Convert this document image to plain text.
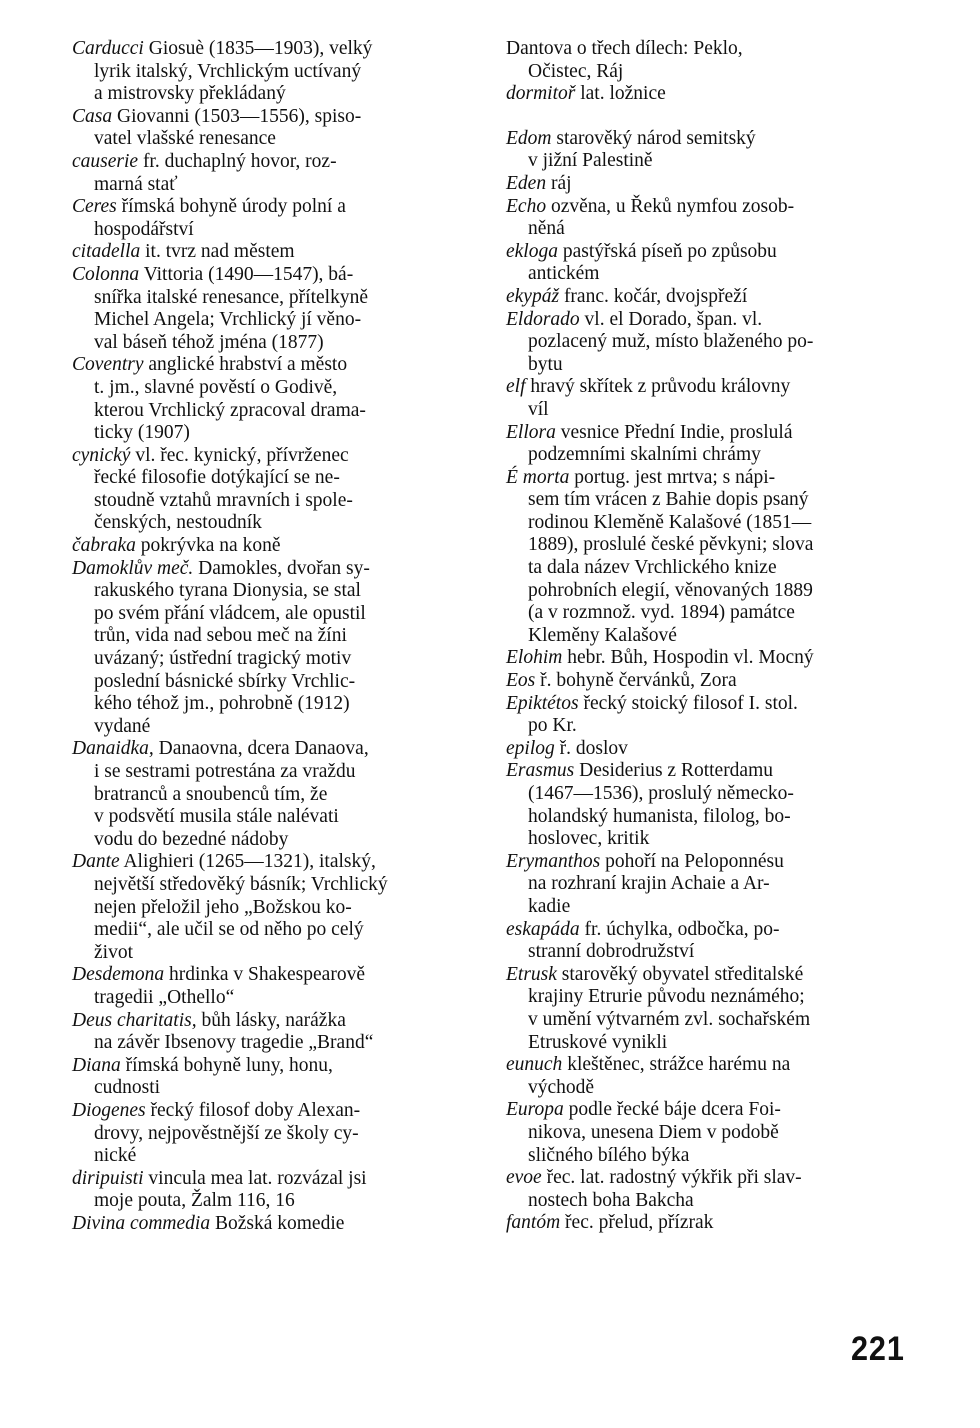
Carducci Giosuè (1835—1903), velký
lyrik italský, Vrchlickým uctívaný
a mistrovsky překládaný

Casa Giovanni (1503—1556), spiso-
vatel vlašské renesance

causerie fr. duchaplný hovor, roz-
marná stať

Ceres římská bohyně úrody polní a
hospodářství

citadella it. tvrz nad městem

Colonna Vittoria (1490—1547), bá-
snířka italské renesance, přítelkyně
Michel Angela; Vrchlický jí věno-
val báseň téhož jména (1877)

Coventry anglické hrabství a město
t. jm., slavné pověstí o Godivě,
kterou Vrchlický zpracoval drama-
ticky (1907)

cynický vl. řec. kynický, přívrženec
řecké filosofie dotýkající se ne-
stoudně vztahů mravních i spole-
čenských, nestoudník

čabraka pokrývka na koně

Damoklův meč. Damokles, dvořan sy-
rakuského tyrana Dionysia, se stal
po svém přání vládcem, ale opustil
trůn, vida nad sebou meč na žíni
uvázaný; ústřední tragický motiv
poslední básnické sbírky Vrchlic-
kého téhož jm., pohrobně (1912)
vydané

Danaidka, Danaovna, dcera Danaova,
i se sestrami potrestána za vraždu
bratranců a snoubenců tím, že
v podsvětí musila stále nalévati
vodu do bezedné nádoby

Dante Alighieri (1265—1321), italský,
největší středověký básník; Vrchlický
nejen přeložil jeho „Božskou ko-
medii“, ale učil se od něho po celý
život

Desdemona hrdinka v Shakespearově
tragedii „Othello“

Deus charitatis, bůh lásky, narážka
na závěr Ibsenovy tragedie „Brand“

Diana římská bohyně luny, honu,
cudnosti

Diogenes řecký filosof doby Alexan-
drovy, nejpověstnější ze školy cy-
nické

diripuisti vincula mea lat. rozvázal jsi
moje pouta, Žalm 116, 16

Divina commedia Božská komedie

Dantova o třech dílech: Peklo,
Očistec, Ráj

dormitoř lat. ložnice

Edom starověký národ semitský
v jižní Palestině

Eden ráj

Echo ozvěna, u Řeků nymfou zosob-
něná

ekloga pastýřská píseň po způsobu
antickém

ekypáž franc. kočár, dvojspřeží

Eldorado vl. el Dorado, špan. vl.
pozlacený muž, místo blaženého po-
bytu

elf hravý skřítek z průvodu královny
víl

Ellora vesnice Přední Indie, proslulá
podzemními skalními chrámy

É morta portug. jest mrtva; s nápi-
sem tím vrácen z Bahie dopis psaný
rodinou Kleměně Kalašové (1851—
1889), proslulé české pěvkyni; slova
ta dala název Vrchlického knize
pohrobních elegií, věnovaných 1889
(a v rozmnož. vyd. 1894) památce
Kleměny Kalašové

Elohim hebr. Bůh, Hospodin vl. Mocný

Eos ř. bohyně červánků, Zora

Epiktétos řecký stoický filosof I. stol.
po Kr.

epilog ř. doslov

Erasmus Desiderius z Rotterdamu
(1467—1536), proslulý německo-
holandský humanista, filolog, bo-
hoslovec, kritik

Erymanthos pohoří na Peloponnésu
na rozhraní krajin Achaie a Ar-
kadie

eskapáda fr. úchylka, odbočka, po-
stranní dobrodružství

Etrusk starověký obyvatel středitalské
krajiny Etrurie původu neznámého;
v umění výtvarném zvl. sochařském
Etruskové vynikli

eunuch kleštěnec, strážce harému na
východě

Europa podle řecké báje dcera Foi-
nikova, unesena Diem v podobě
sličného bílého býka

evoe řec. lat. radostný výkřik při slav-
nostech boha Bakcha

fantóm řec. přelud, přízrak

221
